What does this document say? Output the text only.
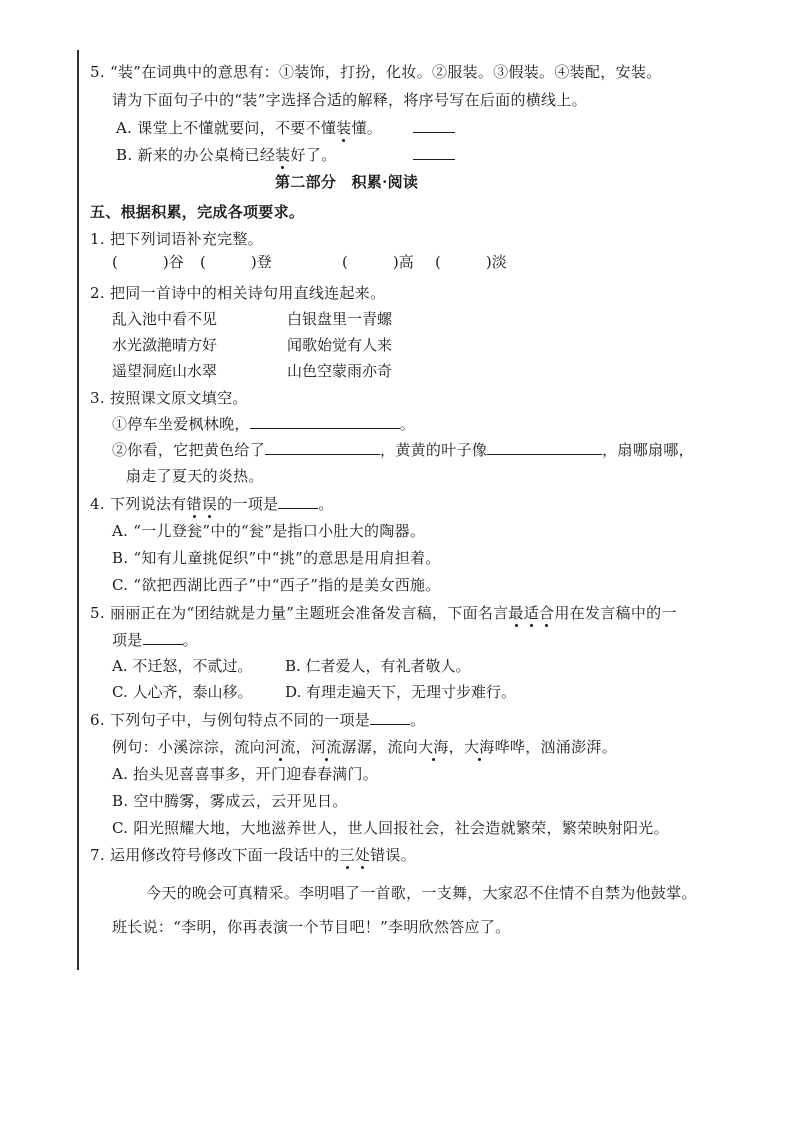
5. “装”在词典中的意思有：①装饰，打扮，化妆。②服装。③假装。④装配，安装。
请为下面句子中的“装”字选择合适的解释，将序号写在后面的横线上。
A. 课堂上不懂就要问，不要不懂装懂。
B. 新来的办公桌椅已经装好了。
第二部分　积累·阅读
五、根据积累，完成各项要求。
1. 把下列词语补充完整。
(　　　)谷 (　　　)登	(　　　)高 (　　　)淡
2. 把同一首诗中的相关诗句用直线连起来。
乱入池中看不见	白银盘里一青螺
水光潋滟晴方好	闻歌始觉有人来
遥望洞庭山水翠	山色空蒙雨亦奇
3. 按照课文原文填空。
①停车坐爱枫林晚，	。
②你看，它把黄色给了	，黄黄的叶子像	，扇哪扇哪，
扇走了夏天的炎热。
4. 下列说法有错误的一项是	。
A. “一儿登瓮”中的“瓮”是指口小肚大的陶器。
B. “知有儿童挑促织”中“挑”的意思是用肩担着。
C. “欲把西湖比西子”中“西子”指的是美女西施。
5. 丽丽正在为“团结就是力量”主题班会准备发言稿，下面名言最适合用在发言稿中的一
项是	。
A. 不迁怒，不贰过。 B. 仁者爱人，有礼者敬人。
C. 人心齐，泰山移。 D. 有理走遍天下，无理寸步难行。
6. 下列句子中，与例句特点不同的一项是	。
例句：小溪淙淙，流向河流，河流潺潺，流向大海，大海哗哗，汹涌澎湃。
A. 抬头见喜喜事多，开门迎春春满门。
B. 空中腾雾，雾成云，云开见日。
C. 阳光照耀大地，大地滋养世人，世人回报社会，社会造就繁荣，繁荣映射阳光。
7. 运用修改符号修改下面一段话中的三处错误。
今天的晚会可真精采。李明唱了一首歌，一支舞，大家忍不住情不自禁为他鼓掌。
班长说：“李明，你再表演一个节目吧！”李明欣然答应了。
